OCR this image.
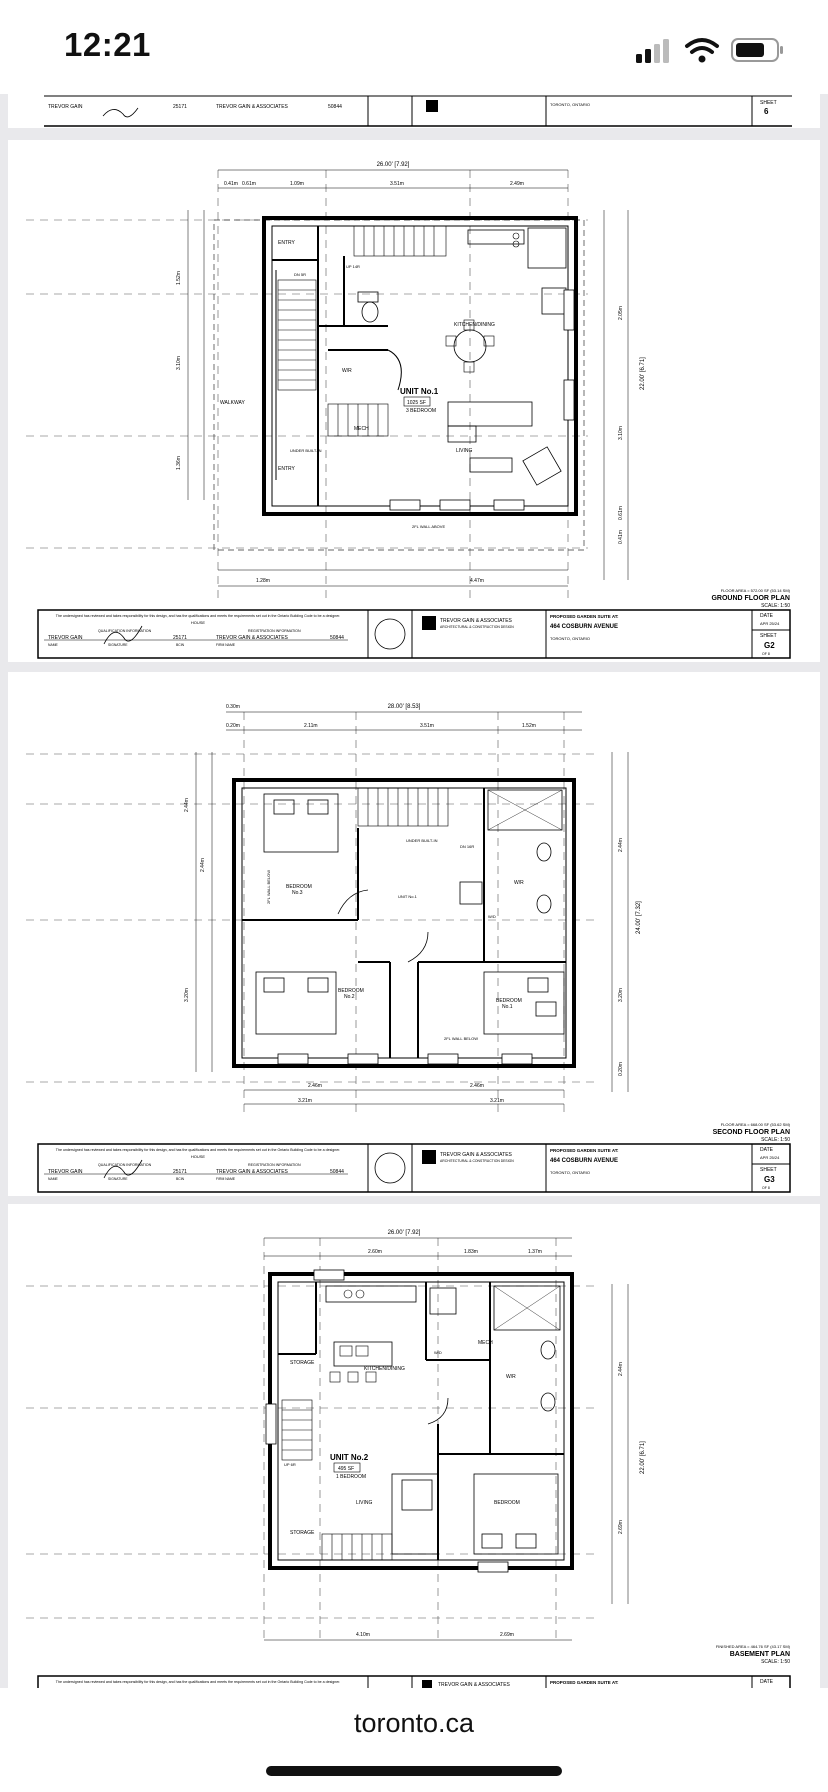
12:21
TREVOR GAIN	25171	TREVOR GAIN & ASSOCIATES	50844	TORONTO, ONTARIO	SHEET
6
26.00' [7.92]
0.41m 0.61m	1.09m	3.51m	2.49m
1.52m
3.10m
1.36m
2.05m
22.00' [6.71]
3.10m
0.61m
0.41m
1.28m	4.47m
ENTRY
ENTRY
WALKWAY
KITCHEN/DINING
LIVING
MECH
W/R
UNIT No.1
1025 SF
3 BEDROOM
DN 5R
UP 14R
UNDER BUILT-IN
2FL WALL ABOVE
FLOOR AREA = 572.00 SF (53.14 SM)
GROUND FLOOR PLAN
SCALE: 1:50
The undersigned has reviewed and takes responsibility for this design, and has the qualifications and meets the requirements set out in the Ontario Building Code to be a designer.
HOUSE
QUALIFICATION INFORMATION	REGISTRATION INFORMATION
TREVOR GAIN	25171	TREVOR GAIN & ASSOCIATES	50844
NAME	SIGNATURE	BCIN	FIRM NAME
TREVOR GAIN & ASSOCIATES
ARCHITECTURAL & CONSTRUCTION DESIGN
PROPOSED GARDEN SUITE AT:
464 COSBURN AVENUE
TORONTO, ONTARIO
DATE
APR 25/24
SHEET
G2
OF 8
28.00' [8.53]
0.30m
0.20m	2.11m	3.51m	1.52m
2.44m
2.44m
3.20m
2.44m
24.00' [7.32]
3.20m
0.20m
2.46m	2.46m
3.21m	3.21m
BEDROOM
No.3
BEDROOM
No.2
BEDROOM
No.1
UNIT No.1
W/R
W/D
DN 16R
UNDER BUILT-IN
2FL WALL BELOW
2FL WALL BELOW
FLOOR AREA = 668.00 SF (53.62 SM)
SECOND FLOOR PLAN
SCALE: 1:50
The undersigned has reviewed and takes responsibility for this design, and has the qualifications and meets the requirements set out in the Ontario Building Code to be a designer.
HOUSE
QUALIFICATION INFORMATION	REGISTRATION INFORMATION
TREVOR GAIN	25171	TREVOR GAIN & ASSOCIATES	50844
NAME	SIGNATURE	BCIN	FIRM NAME
TREVOR GAIN & ASSOCIATES
ARCHITECTURAL & CONSTRUCTION DESIGN
PROPOSED GARDEN SUITE AT:
464 COSBURN AVENUE
TORONTO, ONTARIO
DATE
APR 25/24
SHEET
G3
OF 8
26.00' [7.92]
2.60m	1.83m	1.37m
2.44m
22.00' [6.71]
2.69m
4.10m	2.69m
STORAGE
STORAGE
KITCHEN/DINING
LIVING	BEDROOM
MECH
W/R
W/D
UP 6R
UNIT No.2
495 SF
1 BEDROOM
FINISHED AREA = 464.76 SF (43.17 SM)
BASEMENT PLAN
SCALE: 1:50
The undersigned has reviewed and takes responsibility for this design, and has the qualifications and meets the requirements set out in the Ontario Building Code to be a designer.	TREVOR GAIN & ASSOCIATES	PROPOSED GARDEN SUITE AT:	DATE
toronto.ca
